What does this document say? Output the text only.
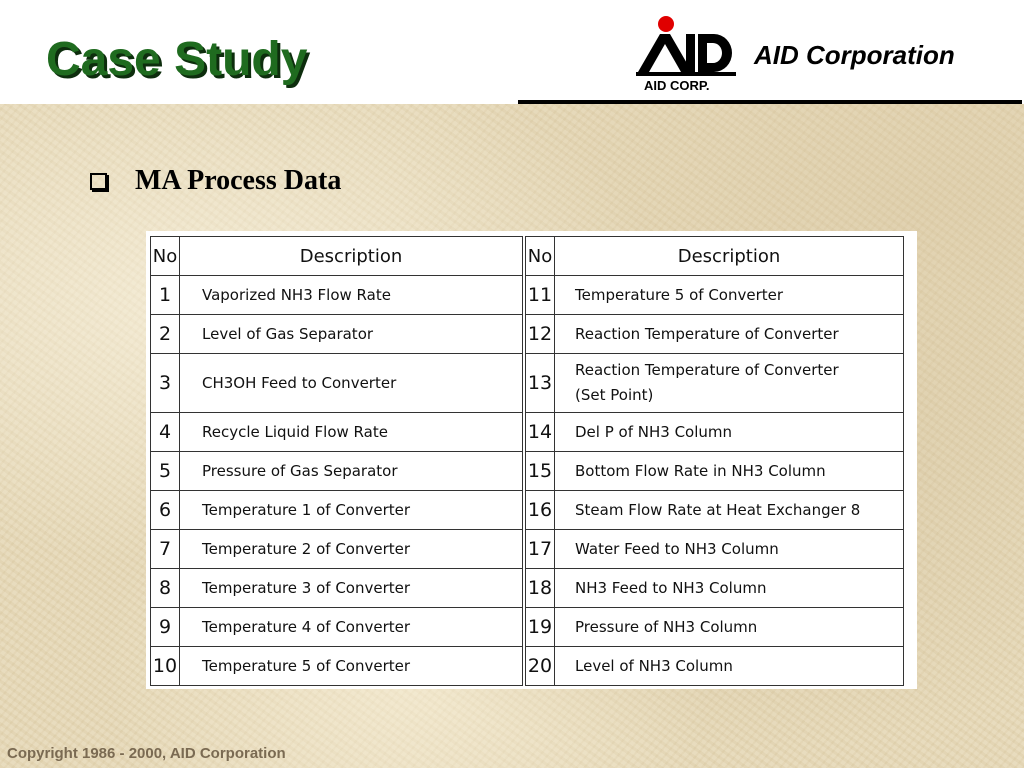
Case Study	AID CORP.
AID Corporation
MA Process Data
No	Description	No	Description
1	Vaporized NH3 Flow Rate	11	Temperature 5 of Converter
2	Level of Gas Separator	12	Reaction Temperature of Converter
3	CH3OH Feed to Converter	13	Reaction Temperature of Converter
(Set Point)

4	Recycle Liquid Flow Rate	14	Del P of NH3 Column
5	Pressure of Gas Separator	15	Bottom Flow Rate in NH3 Column
6	Temperature 1 of Converter	16	Steam Flow Rate at Heat Exchanger 8
7	Temperature 2 of Converter	17	Water Feed to NH3 Column
8	Temperature 3 of Converter	18	NH3 Feed to NH3 Column
9	Temperature 4 of Converter	19	Pressure of NH3 Column
10	Temperature 5 of Converter	20	Level of NH3 Column
Copyright 1986 - 2000, AID Corporation
